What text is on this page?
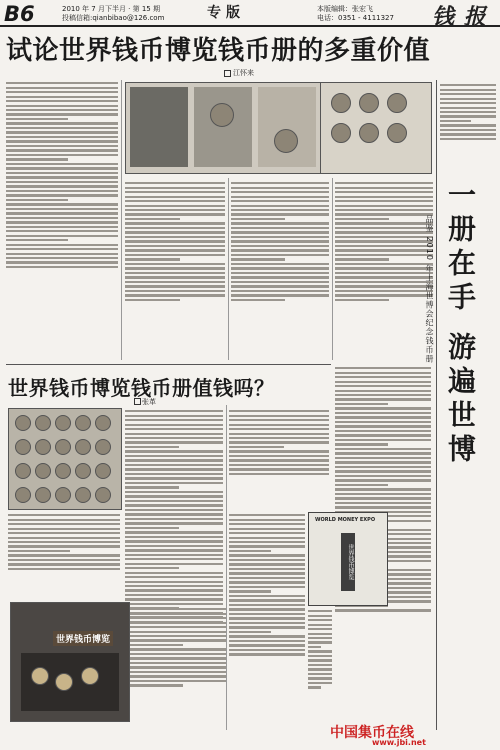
B6	2010 年 7 月下半月 · 第 15 期
投稿信箱:qianbibao@126.com	专版	本版编辑：张宏飞
电话：0351 - 4111327 钱 报
试论世界钱币博览钱币册的多重价值
江怀来
一册在手 游遍世博
品鉴 2010 年上海世博会纪念钱币册
世界钱币博览钱币册值钱吗？
张革
WORLD MONEY EXPO
世界钱币博览
世界钱币博览
中国集币在线
www.jbi.net
